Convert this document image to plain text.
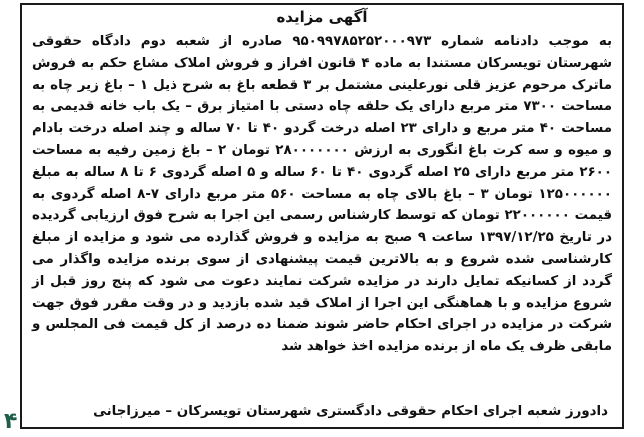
آگهی مزایده
به موجب دادنامه شماره ۹۵۰۹۹۷۸۵۲۵۲۰۰۰۹۷۳ صادره از شعبه دوم دادگاه حقوقی شهرستان تویسرکان مستندا به ماده ۴ قانون افراز و فروش املاک مشاع حکم به فروش ماترک مرحوم عزیز قلی نورعلینی مشتمل بر ۳ قطعه باغ به شرح ذیل ۱ – باغ زیر چاه به مساحت ۷۳۰۰ متر مربع دارای یک حلقه چاه دستی با امتیاز برق – یک باب خانه قدیمی به مساحت ۴۰ متر مربع و دارای ۲۳ اصله درخت گردو ۴۰ تا ۷۰ ساله و چند اصله درخت بادام و میوه و سه کرت باغ انگوری به ارزش ۲۸۰۰۰۰۰۰۰ تومان ۲ – باغ زمین رفیه به مساحت ۲۶۰۰ متر مربع دارای ۲۵ اصله گردوی ۴۰ تا ۶۰ ساله و ۵ اصله گردوی ۶ تا ۸ ساله به مبلغ ۱۲۵۰۰۰۰۰۰ تومان ۳ – باغ بالای چاه به مساحت ۵۶۰ متر مربع دارای ۷-۸ اصله گردوی به قیمت ۲۲۰۰۰۰۰۰ تومان که توسط کارشناس رسمی این اجرا به شرح فوق ارزیابی گردیده در تاریخ ۱۳۹۷/۱۲/۲۵ ساعت ۹ صبح به مزایده و فروش گذارده می شود و مزایده از مبلغ کارشناسی شده شروع و به بالاترین قیمت پیشنهادی از سوی برنده مزایده واگذار می گردد از کسانیکه تمایل دارند در مزایده شرکت نمایند دعوت می شود که پنج روز قبل از شروع مزایده و با هماهنگی این اجرا از املاک قید شده بازدید و در وقت مقرر فوق جهت شرکت در مزایده در اجرای احکام حاضر شوند ضمنا ده درصد از کل قیمت فی المجلس و مابقی ظرف یک ماه از برنده مزایده اخذ خواهد شد
دادورز شعبه اجرای احکام حقوقی دادگستری شهرستان تویسرکان – میرزاجانی
۴
